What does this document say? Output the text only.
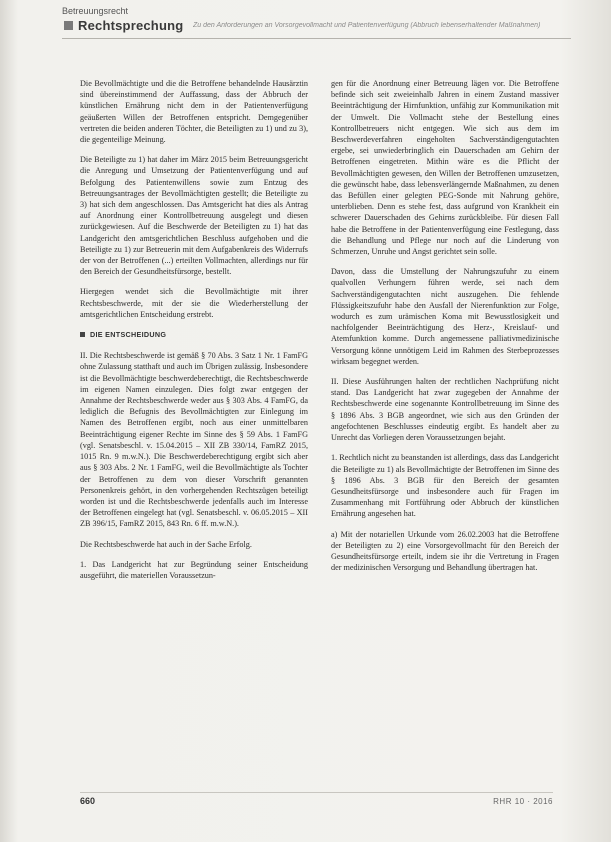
Betreuungsrecht
Rechtsprechung Zu den Anforderungen an Vorsorgevollmacht und Patientenverfügung (Abbruch lebenserhaltender Maßnahmen)

Die Bevollmächtigte und die die Betroffene behandelnde Hausärztin sind übereinstimmend der Auffassung, dass der Abbruch der künstlichen Ernährung nicht dem in der Patientenverfügung geäußerten Willen der Betroffenen entspricht. Demgegenüber vertreten die beiden anderen Töchter, die Beteiligten zu 1) und zu 3), die gegenteilige Meinung.

Die Beteiligte zu 1) hat daher im März 2015 beim Betreuungsgericht die Anregung und Umsetzung der Patientenverfügung und auf Befolgung des Patientenwillens sowie zum Entzug des Betreuungsantrages der Bevollmächtigten gestellt; die Beteiligte zu 3) hat sich dem angeschlossen. Das Amtsgericht hat dies als Antrag auf Anordnung einer Kontrollbetreuung ausgelegt und diesen zurückgewiesen. Auf die Beschwerde der Beteiligten zu 1) hat das Landgericht den amtsgerichtlichen Beschluss aufgehoben und die Beteiligte zu 1) zur Betreuerin mit dem Aufgabenkreis des Widerrufs der von der Betroffenen (...) erteilten Vollmachten, allerdings nur für den Bereich der Gesundheitsfürsorge, bestellt.

Hiergegen wendet sich die Bevollmächtigte mit ihrer Rechtsbeschwerde, mit der sie die Wiederherstellung der amtsgerichtlichen Entscheidung erstrebt.

DIE ENTSCHEIDUNG

II. Die Rechtsbeschwerde ist gemäß § 70 Abs. 3 Satz 1 Nr. 1 FamFG ohne Zulassung statthaft und auch im Übrigen zulässig. Insbesondere ist die Bevollmächtigte beschwerdeberechtigt, die Rechtsbeschwerde im eigenen Namen einzulegen. Dies folgt zwar entgegen der Annahme der Rechtsbeschwerde weder aus § 303 Abs. 4 FamFG, da lediglich die Befugnis des Bevollmächtigten zur Einlegung im Namen des Betroffenen ergibt, noch aus einer unmittelbaren Beeinträchtigung eigener Rechte im Sinne des § 59 Abs. 1 FamFG (vgl. Senatsbeschl. v. 15.04.2015 – XII ZB 330/14, FamRZ 2015, 1015 Rn. 9 m.w.N.). Die Beschwerdeberechtigung ergibt sich aber aus § 303 Abs. 2 Nr. 1 FamFG, weil die Bevollmächtigte als Tochter der Betroffenen zu dem von dieser Vorschrift genannten Personenkreis gehört, in den vorhergehenden Rechtszügen beteiligt worden ist und die Rechtsbeschwerde jedenfalls auch im Interesse der Betroffenen eingelegt hat (vgl. Senatsbeschl. v. 06.05.2015 – XII ZB 396/15, FamRZ 2015, 843 Rn. 6 ff. m.w.N.).

Die Rechtsbeschwerde hat auch in der Sache Erfolg.

1. Das Landgericht hat zur Begründung seiner Entscheidung ausgeführt, die materiellen Voraussetzun-

gen für die Anordnung einer Betreuung lägen vor. Die Betroffene befinde sich seit zweieinhalb Jahren in einem Zustand massiver Beeinträchtigung der Hirnfunktion, unfähig zur Kommunikation mit der Umwelt. Die Vollmacht stehe der Bestellung eines Kontrollbetreuers nicht entgegen. Wie sich aus dem im Beschwerdeverfahren eingeholten Sachverständigengutachten ergebe, sei unwiederbringlich ein Dauerschaden am Gehirn der Betroffenen eingetreten. Mithin wäre es die Pflicht der Bevollmächtigten gewesen, den Willen der Betroffenen umzusetzen, die gewünscht habe, dass lebensverlängernde Maßnahmen, zu denen das Befüllen einer gelegten PEG-Sonde mit Nahrung gehöre, unterblieben. Denn es stehe fest, dass aufgrund von Krankheit ein schwerer Dauerschaden des Gehirns zurückbleibe. Für diesen Fall habe die Betroffene in der Patientenverfügung eine Festlegung, dass die Behandlung und Pflege nur noch auf die Linderung von Schmerzen, Unruhe und Angst gerichtet sein solle.

Davon, dass die Umstellung der Nahrungszufuhr zu einem qualvollen Verhungern führen werde, sei nach dem Sachverständigengutachten nicht auszugehen. Die fehlende Flüssigkeitszufuhr habe den Ausfall der Nierenfunktion zur Folge, wodurch es zum urämischen Koma mit Bewusstlosigkeit und nachfolgender Beeinträchtigung des Herz-, Kreislauf- und Atemfunktion komme. Durch angemessene palliativmedizinische Versorgung könne unnötigem Leid im Rahmen des Sterbeprozesses wirksam begegnet werden.

II. Diese Ausführungen halten der rechtlichen Nachprüfung nicht stand. Das Landgericht hat zwar zugegeben der Annahme der Rechtsbeschwerde eine sogenannte Kontrollbetreuung im Sinne des § 1896 Abs. 3 BGB angeordnet, wie sich aus den Gründen der angefochtenen Beschlusses eindeutig ergibt. Es handelt aber zu Unrecht das Vorliegen deren Voraussetzungen bejaht.

1. Rechtlich nicht zu beanstanden ist allerdings, dass das Landgericht die Beteiligte zu 1) als Bevollmächtigte der Betroffenen im Sinne des § 1896 Abs. 3 BGB für den Bereich der gesamten Gesundheitsfürsorge und insbesondere auch für Fragen im Zusammenhang mit Fortführung oder Abbruch der künstlichen Ernährung angesehen hat.

a) Mit der notariellen Urkunde vom 26.02.2003 hat die Betroffene der Beteiligten zu 2) eine Vorsorgevollmacht für den Bereich der Gesundheitsfürsorge erteilt, indem sie ihr die Vertretung in Fragen der medizinischen Versorgung und Behandlung übertragen hat.

660	RHR 10 · 2016
